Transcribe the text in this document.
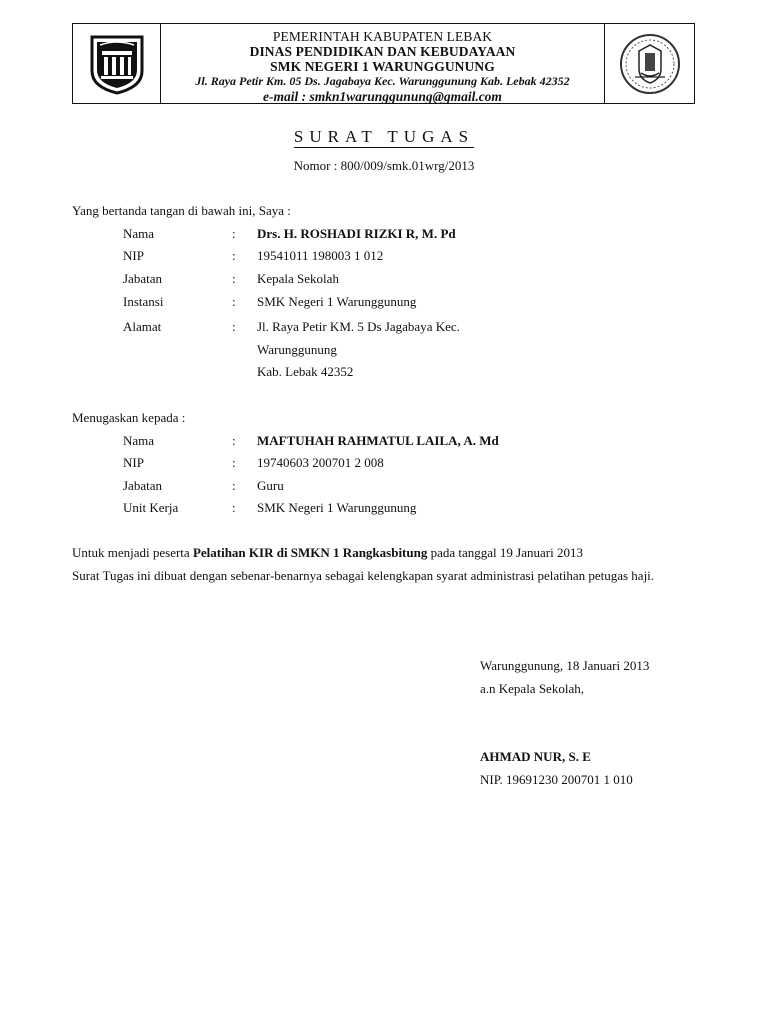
PEMERINTAH KABUPATEN LEBAK
DINAS PENDIDIKAN DAN KEBUDAYAAN
SMK NEGERI 1 WARUNGGUNUNG
Jl. Raya Petir Km. 05 Ds. Jagabaya Kec. Warunggunung Kab. Lebak 42352
e-mail : smkn1warunggunung@gmail.com
SURAT TUGAS
Nomor : 800/009/smk.01wrg/2013
Yang bertanda tangan di bawah ini, Saya :
Nama	: Drs. H. ROSHADI RIZKI R, M. Pd
NIP	: 19541011 198003 1 012
Jabatan	: Kepala Sekolah
Instansi	: SMK Negeri 1 Warunggunung
Alamat	: Jl. Raya Petir KM. 5 Ds Jagabaya Kec.
Warunggunung
Kab. Lebak 42352
Menugaskan kepada :
Nama	: MAFTUHAH RAHMATUL LAILA, A. Md
NIP	: 19740603 200701 2 008
Jabatan	: Guru
Unit Kerja	: SMK Negeri 1 Warunggunung
Untuk menjadi peserta Pelatihan KIR di SMKN 1 Rangkasbitung pada tanggal 19 Januari 2013
Surat Tugas ini dibuat dengan sebenar-benarnya sebagai kelengkapan syarat administrasi pelatihan petugas haji.
Warunggunung, 18 Januari 2013
a.n Kepala Sekolah,
AHMAD NUR, S. E
NIP. 19691230 200701 1 010
